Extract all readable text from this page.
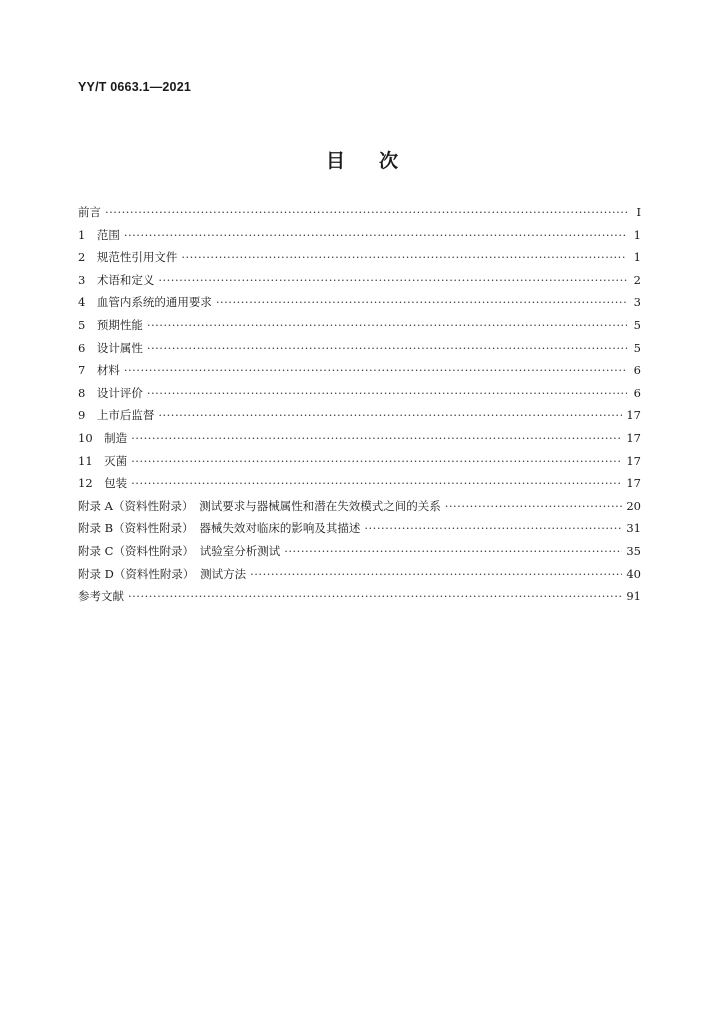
YY/T 0663.1—2021
目次
前言 ·····	Ⅰ
1　范围 ·····	1
2　规范性引用文件 ·····	1
3　术语和定义 ·····	2
4　血管内系统的通用要求 ·····	3
5　预期性能 ·····	5
6　设计属性 ·····	5
7　材料 ·····	6
8　设计评价 ·····	6
9　上市后监督 ·····	17
10　制造 ·····	17
11　灭菌 ·····	17
12　包装 ·····	17
附录 A（资料性附录）　测试要求与器械属性和潜在失效模式之间的关系 ·····	20
附录 B（资料性附录）　器械失效对临床的影响及其描述 ·····	31
附录 C（资料性附录）　试验室分析测试 ·····	35
附录 D（资料性附录）　测试方法 ·····	40
参考文献 ·····	91
